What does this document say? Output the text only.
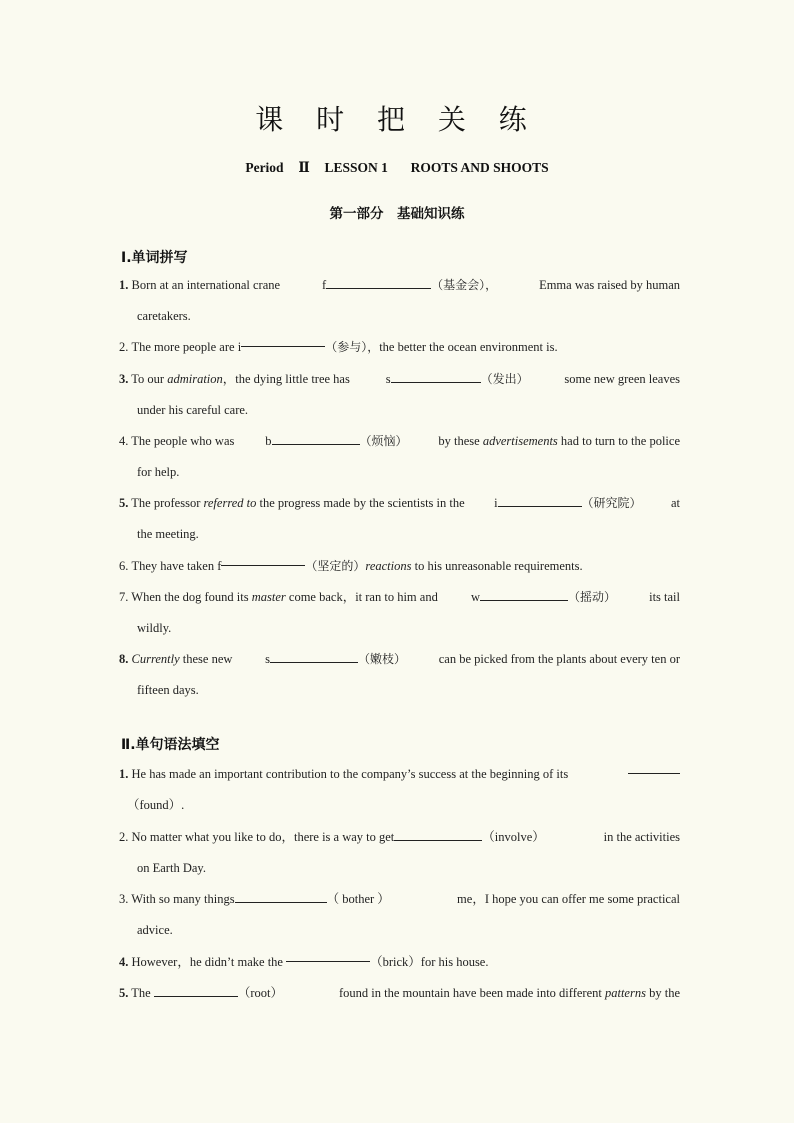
课 时 把 关 练
Period Ⅱ LESSON 1 ROOTS AND SHOOTS
第一部分　基础知识练
Ⅰ.单词拼写
1. Born at an international crane	f	（基金会），	Emma was raised by human
caretakers.
2.
The more people are
i	（参与）， the better the ocean environment is.
3. To our admiration，the dying little tree has	s	（发出）	some new green leaves
under his careful care.
4. The people who was b	（烦恼） by these advertisements had to turn to the police
for help.
5. The professor referred to the progress made by the scientists in the i	（研究院） at
the meeting.
6.
They have taken
f	（坚定的） reactions
to his unreasonable requirements.
7. When the dog found its master come back，it ran to him and	w	（摇动）	its tail
wildly.
8. Currently these new	s	（嫩枝）	can be picked from the plants about every ten or
fifteen days.
Ⅱ.单句语法填空
1. He has made an important contribution to the company’s success at the beginning of its
（found）.
2. No matter what you like to do，there is a way to get	（involve）	in the activities
on Earth Day.
3. With so many things	（ bother ）	me，I hope you can offer me some practical
advice.
4.
However，he didn’t make the
	（brick） for his house.
5. The	（root）	found in the mountain have been made into different patterns by the
